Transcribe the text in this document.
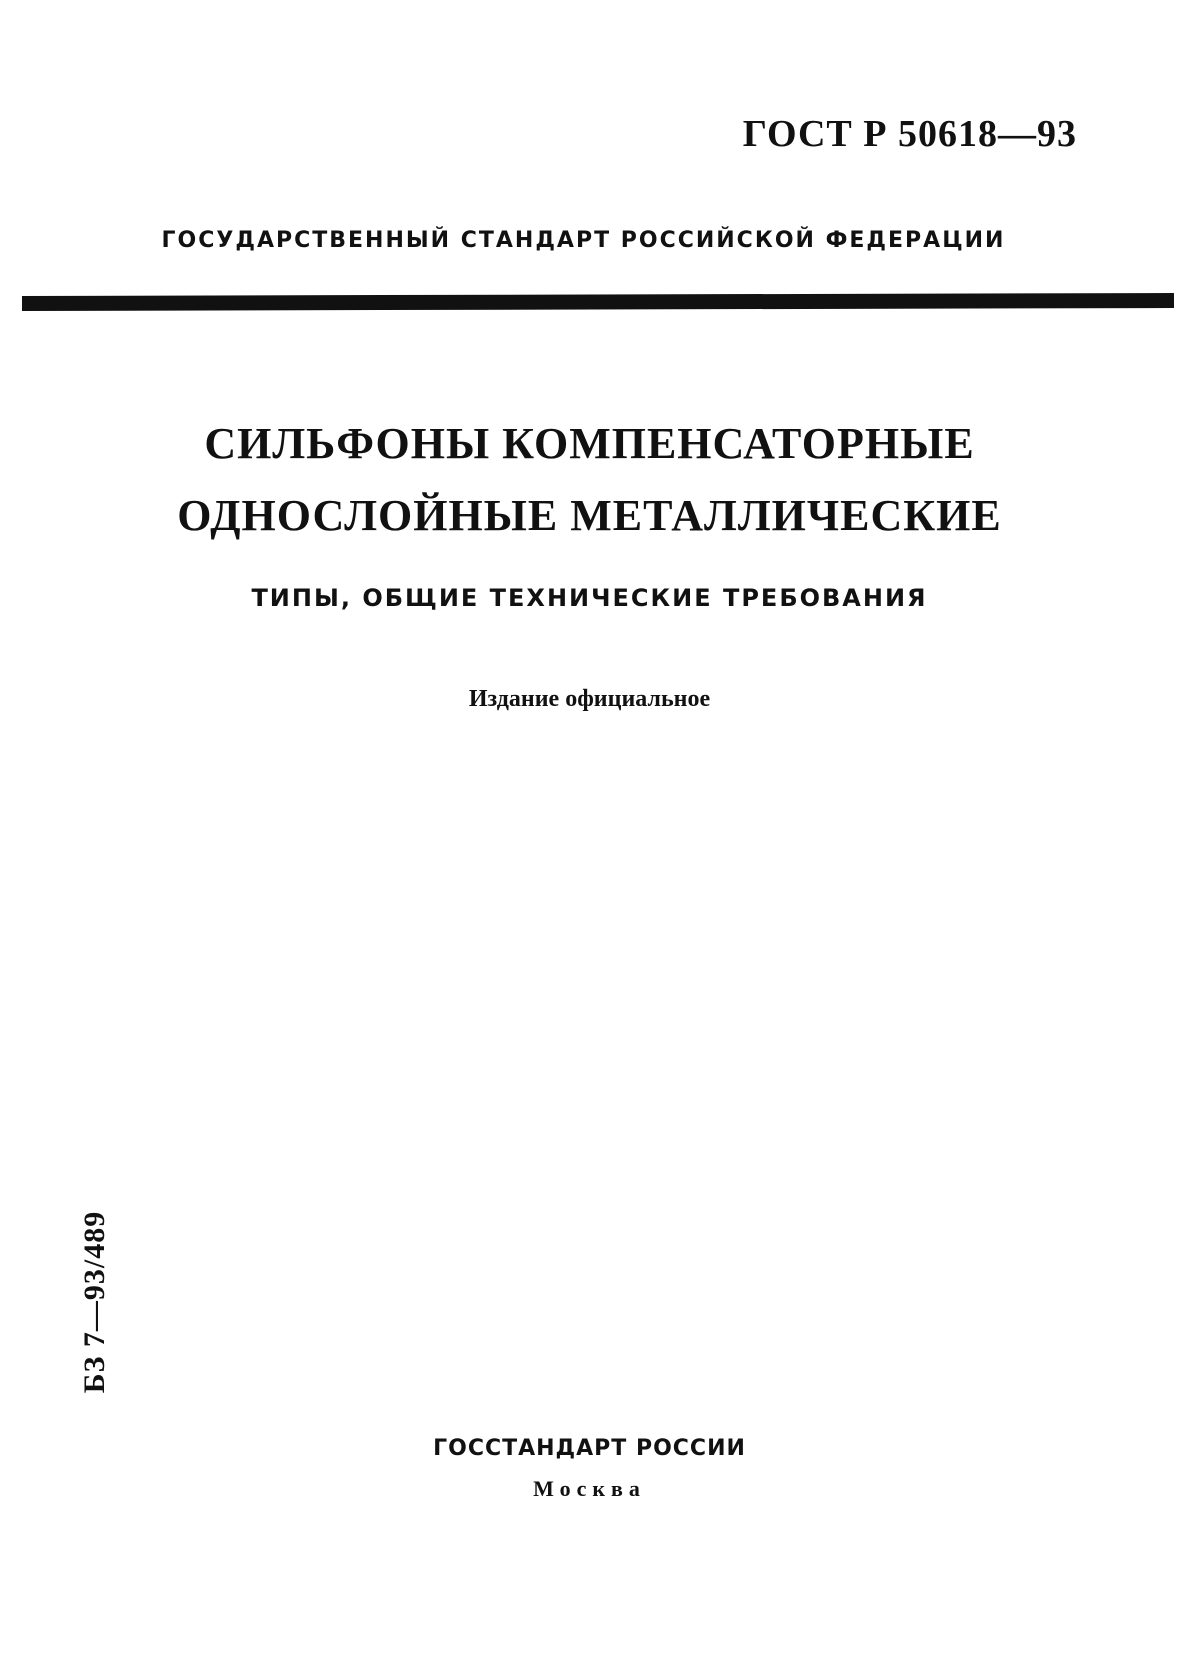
ГОСТ Р 50618—93

ГОСУДАРСТВЕННЫЙ СТАНДАРТ РОССИЙСКОЙ ФЕДЕРАЦИИ

СИЛЬФОНЫ КОМПЕНСАТОРНЫЕ

ОДНОСЛОЙНЫЕ МЕТАЛЛИЧЕСКИЕ

ТИПЫ, ОБЩИЕ ТЕХНИЧЕСКИЕ ТРЕБОВАНИЯ

Издание официальное

БЗ 7—93/489

ГОССТАНДАРТ РОССИИ

Москва
